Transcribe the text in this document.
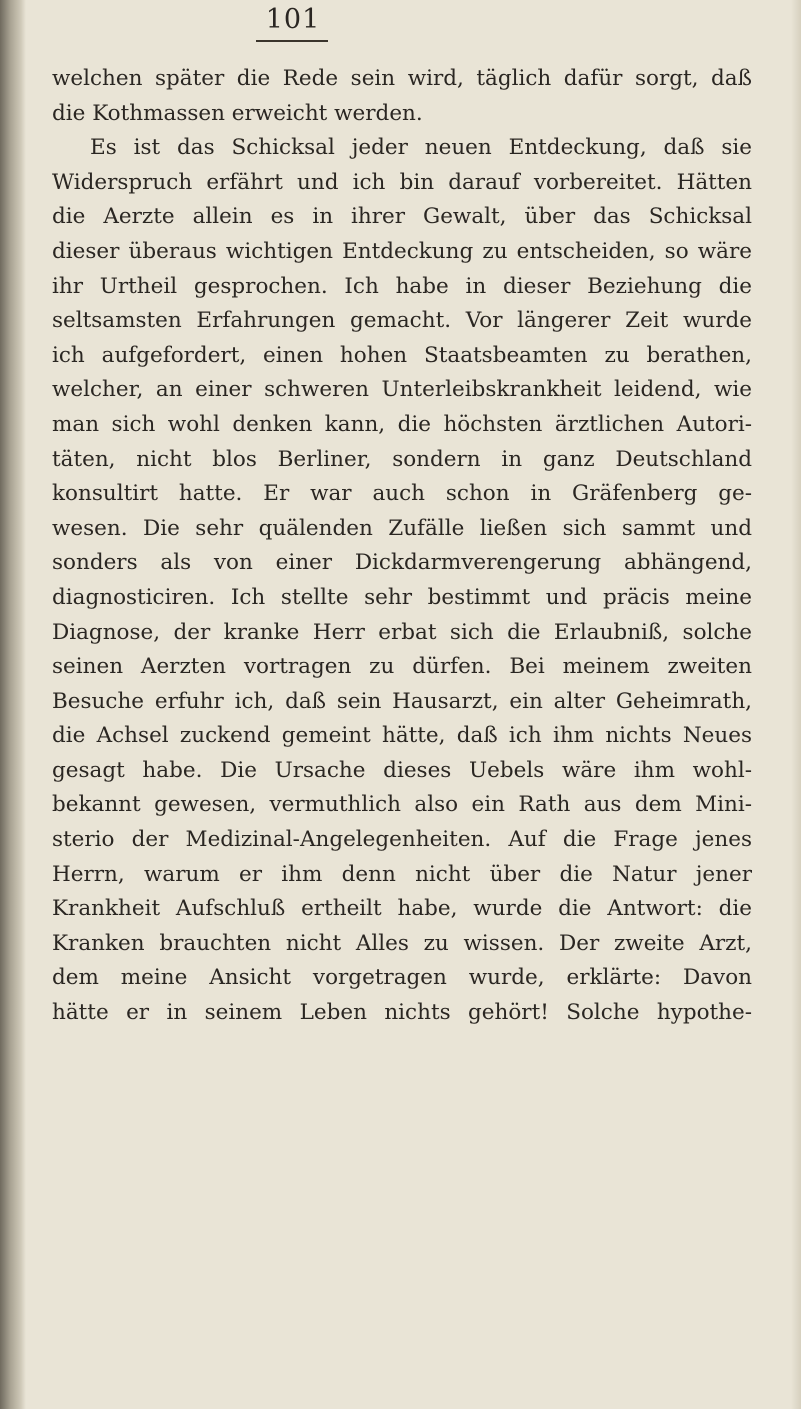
101
welchen später die Rede sein wird, täglich dafür sorgt, daß
die Kothmassen erweicht werden.
Es ist das Schicksal jeder neuen Entdeckung, daß sie
Widerspruch erfährt und ich bin darauf vorbereitet. Hätten
die Aerzte allein es in ihrer Gewalt, über das Schicksal
dieser überaus wichtigen Entdeckung zu entscheiden, so wäre
ihr Urtheil gesprochen. Ich habe in dieser Beziehung die
seltsamsten Erfahrungen gemacht. Vor längerer Zeit wurde
ich aufgefordert, einen hohen Staatsbeamten zu berathen,
welcher, an einer schweren Unterleibskrankheit leidend, wie
man sich wohl denken kann, die höchsten ärztlichen Autori-
täten, nicht blos Berliner, sondern in ganz Deutschland
konsultirt hatte. Er war auch schon in Gräfenberg ge-
wesen. Die sehr quälenden Zufälle ließen sich sammt und
sonders als von einer Dickdarmverengerung abhängend,
diagnosticiren. Ich stellte sehr bestimmt und präcis meine
Diagnose, der kranke Herr erbat sich die Erlaubniß, solche
seinen Aerzten vortragen zu dürfen. Bei meinem zweiten
Besuche erfuhr ich, daß sein Hausarzt, ein alter Geheimrath,
die Achsel zuckend gemeint hätte, daß ich ihm nichts Neues
gesagt habe. Die Ursache dieses Uebels wäre ihm wohl-
bekannt gewesen, vermuthlich also ein Rath aus dem Mini-
sterio der Medizinal-Angelegenheiten. Auf die Frage jenes
Herrn, warum er ihm denn nicht über die Natur jener
Krankheit Aufschluß ertheilt habe, wurde die Antwort: die
Kranken brauchten nicht Alles zu wissen. Der zweite Arzt,
dem meine Ansicht vorgetragen wurde, erklärte: Davon
hätte er in seinem Leben nichts gehört! Solche hypothe-
